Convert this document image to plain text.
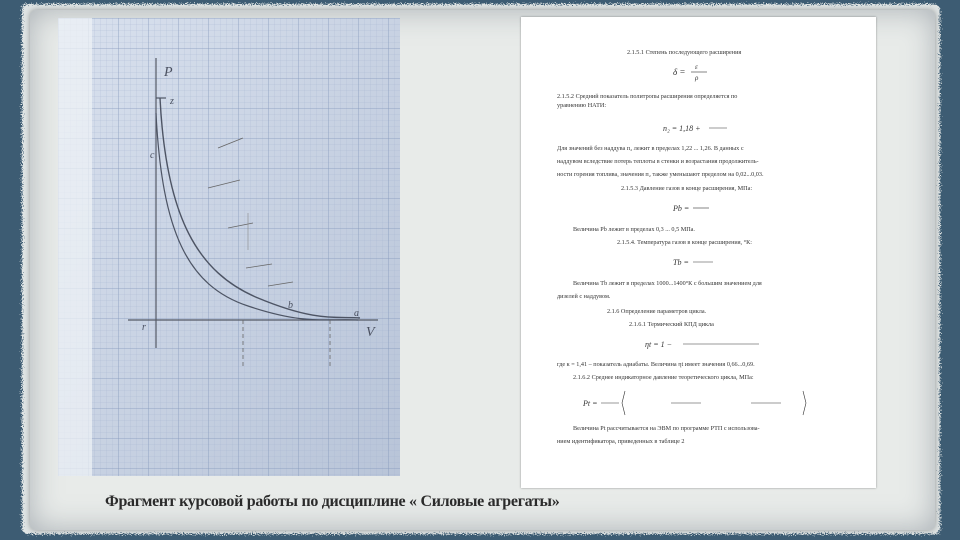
P
V
z
c
b
a
r
2.1.5.1 Степень последующего расширения
δ = ε
ρ
2.1.5.2 Средний показатель политропы расширения определяется по
уравнению НАТИ:
n₂ = 1,18 +
Для значений без наддува п₂ лежит в пределах 1,22 ... 1,26. В данных с
наддувом вследствие потерь теплоты в стенки и возрастания продолжитель-
ности горения топлива, значения п₂ также уменьшают пределом на 0,02...0,03.
2.1.5.3 Давление газов в конце расширения, МПа:
Pb =
Величина Pb лежит в пределах 0,3 ... 0,5 МПа.
2.1.5.4. Температура газов в конце расширения, °К:
Tb =
Величина Tb лежит в пределах 1000...1400°К с большим значением для
дизелей с наддувом.
2.1.6 Определение параметров цикла.
2.1.6.1 Термический КПД цикла
ηt = 1 −
где к = 1,41 – показатель адиабаты. Величина ηt имеет значения 0,66...0,69.
2.1.6.2 Среднее индикаторное давление теоретического цикла, МПа:
Pt =
Величина Pt рассчитывается на ЭВМ по программе РТП с использова-
нием идентификатора, приведенных в таблице 2
Фрагмент курсовой работы по дисциплине « Силовые агрегаты»
